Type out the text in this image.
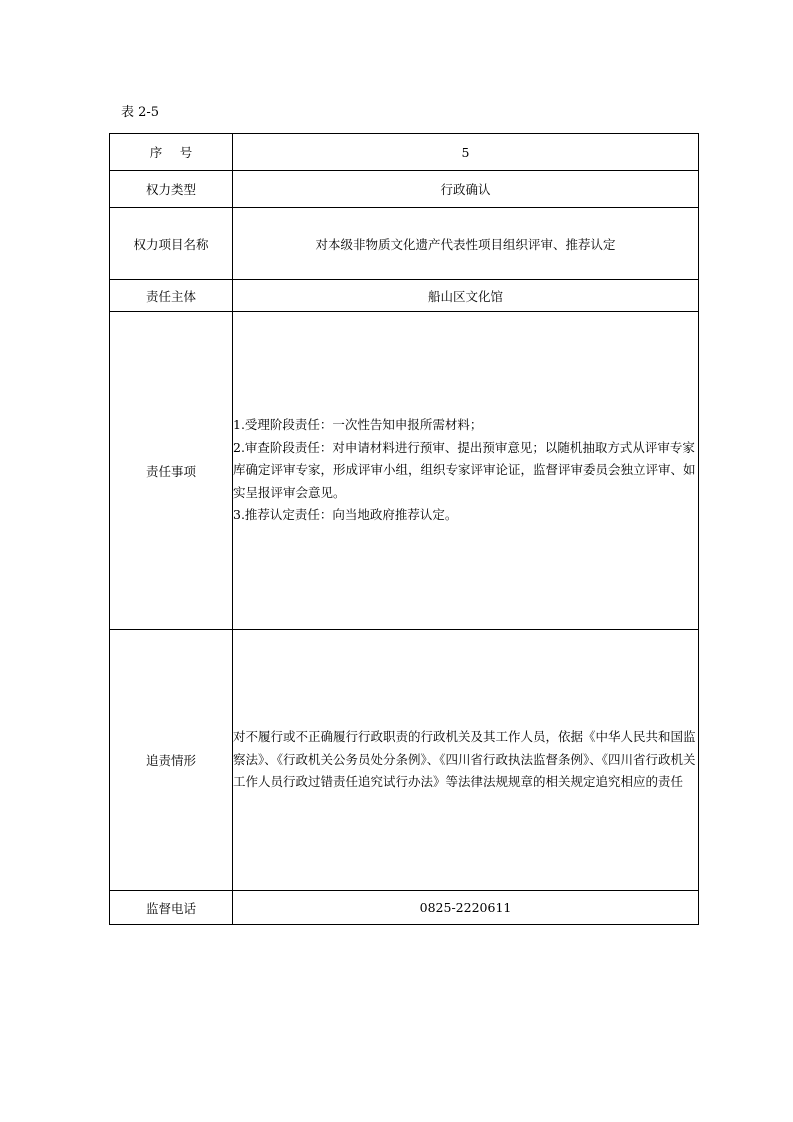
表 2-5
序号	5
权力类型	行政确认
权力项目名称	对本级非物质文化遗产代表性项目组织评审、推荐认定
责任主体	船山区文化馆
责任事项	1.受理阶段责任：一次性告知申报所需材料；
2.审查阶段责任：对申请材料进行预审、提出预审意见；以随机抽取方式从评审专家库确定评审专家，形成评审小组，组织专家评审论证，监督评审委员会独立评审、如实呈报评审会意见。
3.推荐认定责任：向当地政府推荐认定。

追责情形	对不履行或不正确履行行政职责的行政机关及其工作人员，依据《中华人民共和国监察法》、《行政机关公务员处分条例》、《四川省行政执法监督条例》、《四川省行政机关工作人员行政过错责任追究试行办法》等法律法规规章的相关规定追究相应的责任
监督电话	0825-2220611
